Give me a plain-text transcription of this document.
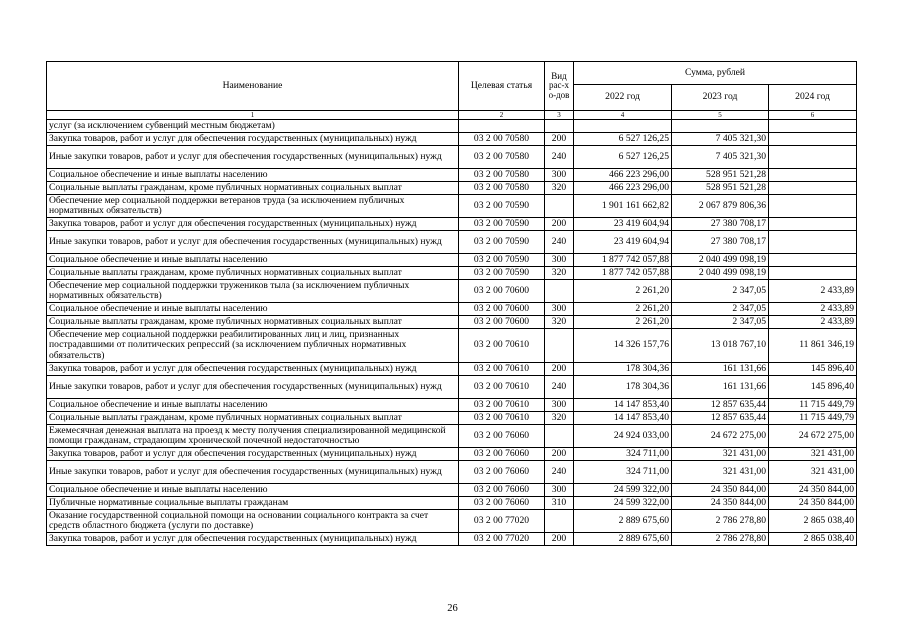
Наименование	Целевая статья	Вид рас-хо-дов	Сумма, рублей		
			2022 год	2023 год	2024 год
1	2	3	4	5	6
услуг (за исключением субвенций местным бюджетам)					
Закупка товаров, работ и услуг для обеспечения государственных (муниципальных) нужд	03 2 00 70580	200	6 527 126,25	7 405 321,30	
Иные закупки товаров, работ и услуг для обеспечения государственных (муниципальных) нужд	03 2 00 70580	240	6 527 126,25	7 405 321,30	
Социальное обеспечение и иные выплаты населению	03 2 00 70580	300	466 223 296,00	528 951 521,28	
Социальные выплаты гражданам, кроме публичных нормативных социальных выплат	03 2 00 70580	320	466 223 296,00	528 951 521,28	
Обеспечение мер социальной поддержки ветеранов труда (за исключением публичных нормативных обязательств)	03 2 00 70590		1 901 161 662,82	2 067 879 806,36	
Закупка товаров, работ и услуг для обеспечения государственных (муниципальных) нужд	03 2 00 70590	200	23 419 604,94	27 380 708,17	
Иные закупки товаров, работ и услуг для обеспечения государственных (муниципальных) нужд	03 2 00 70590	240	23 419 604,94	27 380 708,17	
Социальное обеспечение и иные выплаты населению	03 2 00 70590	300	1 877 742 057,88	2 040 499 098,19	
Социальные выплаты гражданам, кроме публичных нормативных социальных выплат	03 2 00 70590	320	1 877 742 057,88	2 040 499 098,19	
Обеспечение мер социальной поддержки тружеников тыла (за исключением публичных нормативных обязательств)	03 2 00 70600		2 261,20	2 347,05	2 433,89
Социальное обеспечение и иные выплаты населению	03 2 00 70600	300	2 261,20	2 347,05	2 433,89
Социальные выплаты гражданам, кроме публичных нормативных социальных выплат	03 2 00 70600	320	2 261,20	2 347,05	2 433,89
Обеспечение мер социальной поддержки реабилитированных лиц и лиц, признанных пострадавшими от политических репрессий (за исключением публичных нормативных обязательств)	03 2 00 70610		14 326 157,76	13 018 767,10	11 861 346,19
Закупка товаров, работ и услуг для обеспечения государственных (муниципальных) нужд	03 2 00 70610	200	178 304,36	161 131,66	145 896,40
Иные закупки товаров, работ и услуг для обеспечения государственных (муниципальных) нужд	03 2 00 70610	240	178 304,36	161 131,66	145 896,40
Социальное обеспечение и иные выплаты населению	03 2 00 70610	300	14 147 853,40	12 857 635,44	11 715 449,79
Социальные выплаты гражданам, кроме публичных нормативных социальных выплат	03 2 00 70610	320	14 147 853,40	12 857 635,44	11 715 449,79
Ежемесячная денежная выплата на проезд к месту получения специализированной медицинской помощи гражданам, страдающим хронической почечной недостаточностью	03 2 00 76060		24 924 033,00	24 672 275,00	24 672 275,00
Закупка товаров, работ и услуг для обеспечения государственных (муниципальных) нужд	03 2 00 76060	200	324 711,00	321 431,00	321 431,00
Иные закупки товаров, работ и услуг для обеспечения государственных (муниципальных) нужд	03 2 00 76060	240	324 711,00	321 431,00	321 431,00
Социальное обеспечение и иные выплаты населению	03 2 00 76060	300	24 599 322,00	24 350 844,00	24 350 844,00
Публичные нормативные социальные выплаты гражданам	03 2 00 76060	310	24 599 322,00	24 350 844,00	24 350 844,00
Оказание государственной социальной помощи на основании социального контракта за счет средств областного бюджета (услуги по доставке)	03 2 00 77020		2 889 675,60	2 786 278,80	2 865 038,40
Закупка товаров, работ и услуг для обеспечения государственных (муниципальных) нужд	03 2 00 77020	200	2 889 675,60	2 786 278,80	2 865 038,40
26
